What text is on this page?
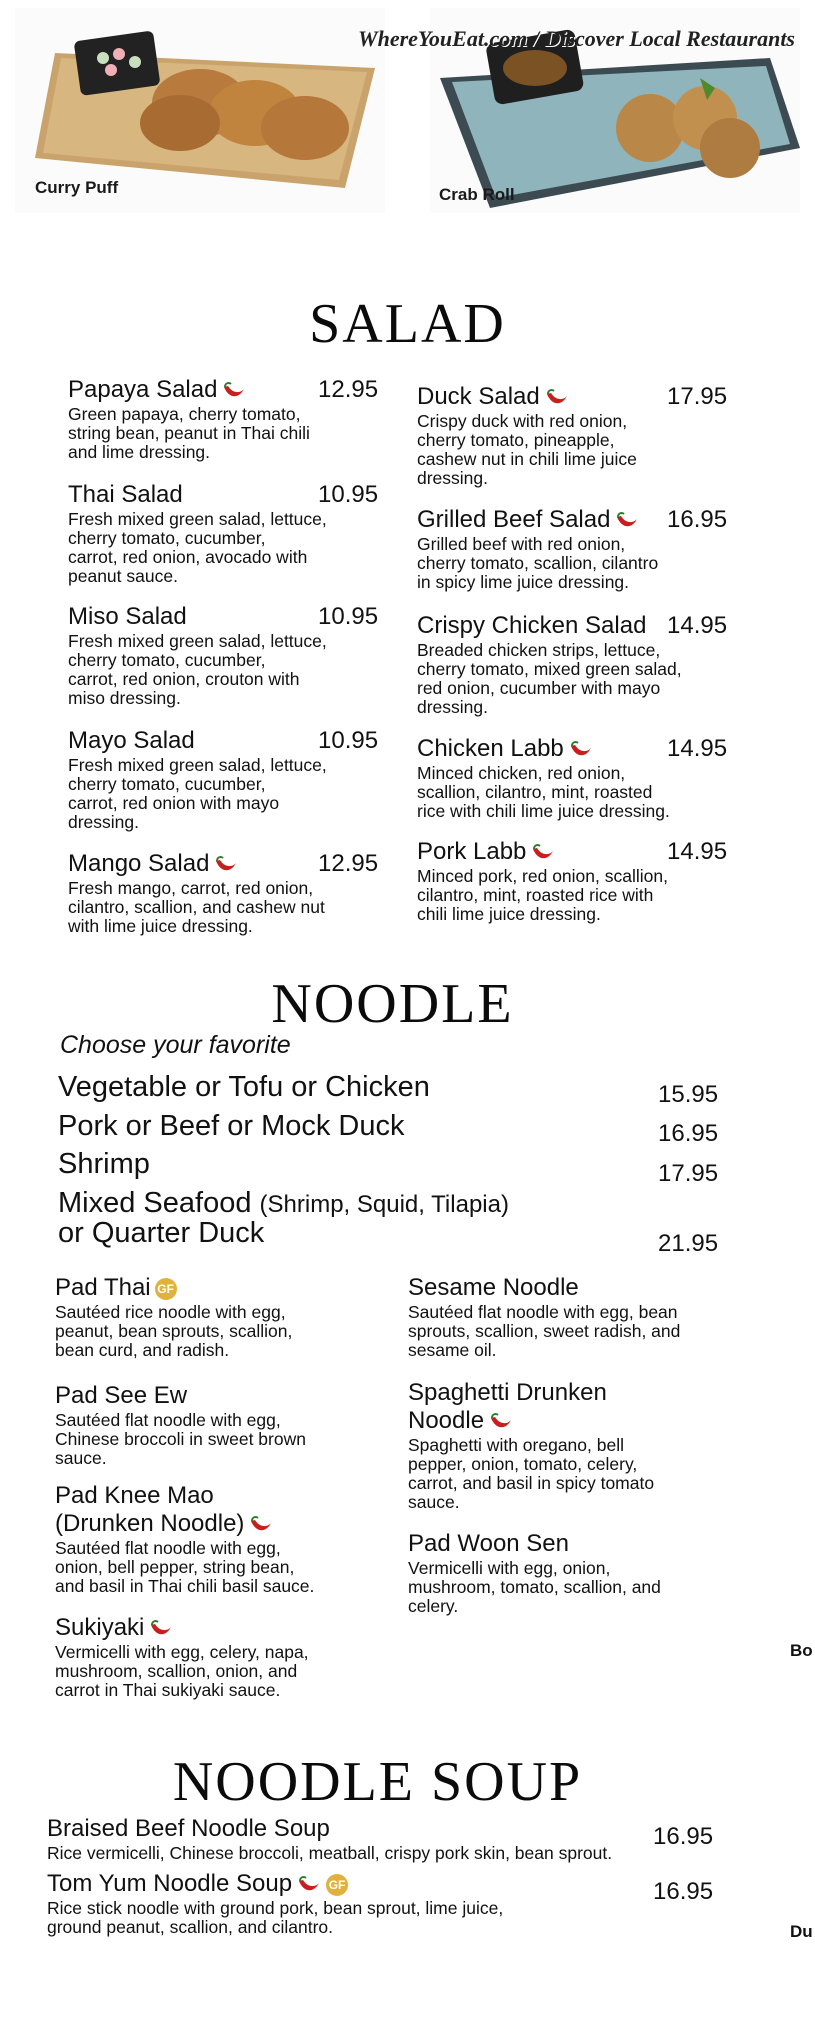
Curry Puff	Crab Roll
WhereYouEat.com / Discover Local Restaurants
SALAD
Papaya Salad	12.95
Green papaya, cherry tomato,
string bean, peanut in Thai chili
and lime dressing.
Thai Salad	10.95
Fresh mixed green salad, lettuce,
cherry tomato, cucumber,
carrot, red onion, avocado with
peanut sauce.
Miso Salad	10.95
Fresh mixed green salad, lettuce,
cherry tomato, cucumber,
carrot, red onion, crouton with
miso dressing.
Mayo Salad	10.95
Fresh mixed green salad, lettuce,
cherry tomato, cucumber,
carrot, red onion with mayo
dressing.
Mango Salad	12.95
Fresh mango, carrot, red onion,
cilantro, scallion, and cashew nut
with lime juice dressing.
Duck Salad	17.95
Crispy duck with red onion,
cherry tomato, pineapple,
cashew nut in chili lime juice
dressing.
Grilled Beef Salad	16.95
Grilled beef with red onion,
cherry tomato, scallion, cilantro
in spicy lime juice dressing.
Crispy Chicken Salad 14.95
Breaded chicken strips, lettuce,
cherry tomato, mixed green salad,
red onion, cucumber with mayo
dressing.
Chicken Labb	14.95
Minced chicken, red onion,
scallion, cilantro, mint, roasted
rice with chili lime juice dressing.
Pork Labb	14.95
Minced pork, red onion, scallion,
cilantro, mint, roasted rice with
chili lime juice dressing.
NOODLE
Choose your favorite
Vegetable or Tofu or Chicken	15.95
Pork or Beef or Mock Duck	16.95
Shrimp	17.95
Mixed Seafood (Shrimp, Squid, Tilapia)
or Quarter Duck	21.95
Pad Thai GF
Sautéed rice noodle with egg,
peanut, bean sprouts, scallion,
bean curd, and radish.
Pad See Ew
Sautéed flat noodle with egg,
Chinese broccoli in sweet brown
sauce.
Pad Knee Mao
(Drunken Noodle)
Sautéed flat noodle with egg,
onion, bell pepper, string bean,
and basil in Thai chili basil sauce.
Sukiyaki
Vermicelli with egg, celery, napa,
mushroom, scallion, onion, and
carrot in Thai sukiyaki sauce.
Sesame Noodle
Sautéed flat noodle with egg, bean
sprouts, scallion, sweet radish, and
sesame oil.
Spaghetti Drunken
Noodle
Spaghetti with oregano, bell
pepper, onion, tomato, celery,
carrot, and basil in spicy tomato
sauce.
Pad Woon Sen
Vermicelli with egg, onion,
mushroom, tomato, scallion, and
celery.
NOODLE SOUP
Braised Beef Noodle Soup	16.95
Rice vermicelli, Chinese broccoli, meatball, crispy pork skin, bean sprout.
Tom Yum Noodle Soup	GF	16.95
Rice stick noodle with ground pork, bean sprout, lime juice,
ground peanut, scallion, and cilantro.
Bo
Du
